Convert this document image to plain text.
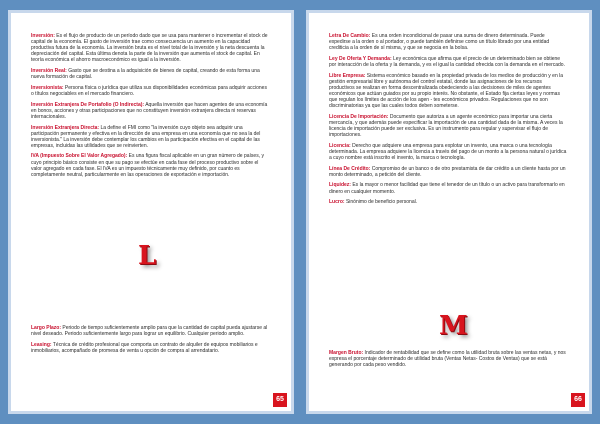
Inversión: Es el flujo de producto de un período dado que se usa para mantener o incrementar el stock de capital de la economía. El gasto de inversión trae como consecuencia un aumento en la capacidad productiva futura de la economía. La inversión bruta es el nivel total de la inversión y la neta descuenta la depreciación del capital. Esta última denota la parte de la inversión que aumenta el stock de capital. En teoría económica el ahorro macroeconómico es igual a la inversión.

Inversión Real: Gasto que se destina a la adquisición de bienes de capital, creando de esta forma una nueva formación de capital.

Inversionista: Persona física o jurídica que utiliza sus disponibilidades económicas para adquirir acciones o títulos negociables en el mercado financiero.

Inversión Extranjera De Portafolio (O Indirecta): Aquella inversión que hacen agentes de una economía en bonos, acciones y otras participaciones que no constituyen inversión extranjera directa ni reservas internacionales.

Inversión Extranjera Directa: La define el FMI como "la inversión cuyo objeto sea adquirir una participación permanente y efectiva en la dirección de una empresa en una economía que no sea la del inversionista." La inversión debe contemplar los cambios en la participación efectiva en el capital de las empresas, incluidas las utilidades que se reinvierten.

IVA (Impuesto Sobre El Valor Agregado): Es una figura fiscal aplicable en un gran número de países, y cuyo principio básico consiste en que su pago se efectúe en cada fase del proceso productivo sobre el valor agregado en cada fase. El IVA es un impuesto técnicamente muy definido, por cuanto es completamente neutral, particularmente en las operaciones de exportación e importación.

L

Largo Plazo: Periodo de tiempo suficientemente amplio para que la cantidad de capital pueda ajustarse al nivel deseado. Periodo suficientemente largo para lograr un equilibrio. Cualquier periodo amplio.

Leasing: Técnica de crédito profesional que comporta un contrato de alquiler de equipos mobiliarios e inmobiliarios, acompañado de promesa de venta u opción de compra al arrendatario.

65

Letra De Cambio: Es una orden incondicional de pasar una suma de dinero determinada. Puede expedirse a la orden o al portador, o puede también definirse como un título librado por una entidad crediticia a la orden de sí misma, y que se negocia en la bolsa.

Ley De Oferta Y Demanda: Ley económica que afirma que el precio de un determinado bien se obtiene por interacción de la oferta y la demanda, y es el igual la cantidad ofrecida con la demanda en el mercado.

Libre Empresa: Sistema económico basado en la propiedad privada de los medios de producción y en la gestión empresarial libre y autónoma del control estatal, donde las asignaciones de los recursos productivos se realizan en forma descentralizada obedeciendo a las decisiones de miles de agentes económicos que actúan guiados por su propio interés. No obstante, el Estado fija ciertas leyes y normas que regulan los límites de acción de los agen - tes económicos privados. Regulaciones que no son discriminatorias ya que las cuales todos deben someterse.

Licencia De Importación: Documento que autoriza a un agente económico para importar una cierta mercancía, y que además puede especificar la importación de una cantidad dada de la misma. A veces la licencia de importación puede ser exclusiva. Es un instrumento para regular y supervisar el flujo de importaciones.

Licencia: Derecho que adquiere una empresa para explotar un invento, una marca o una tecnología determinada. La empresa adquiere la licencia a través del pago de un monto a la persona natural o jurídica a cuyo nombre está inscrito el invento, la marca o tecnología.

Línea De Crédito: Compromiso de un banco o de otro prestamista de dar crédito a un cliente hasta por un monto determinado, a petición del cliente.

Liquidez: Es la mayor o menor facilidad que tiene el tenedor de un título o un activo para transformarlo en dinero en cualquier momento.

Lucro: Sinónimo de beneficio personal.

M

Margen Bruto: Indicador de rentabilidad que se define como la utilidad bruta sobre las ventas netas, y nos expresa el porcentaje determinado de utilidad bruta (Ventas Netas- Costos de Ventas) que se está generando por cada peso vendido.

66
